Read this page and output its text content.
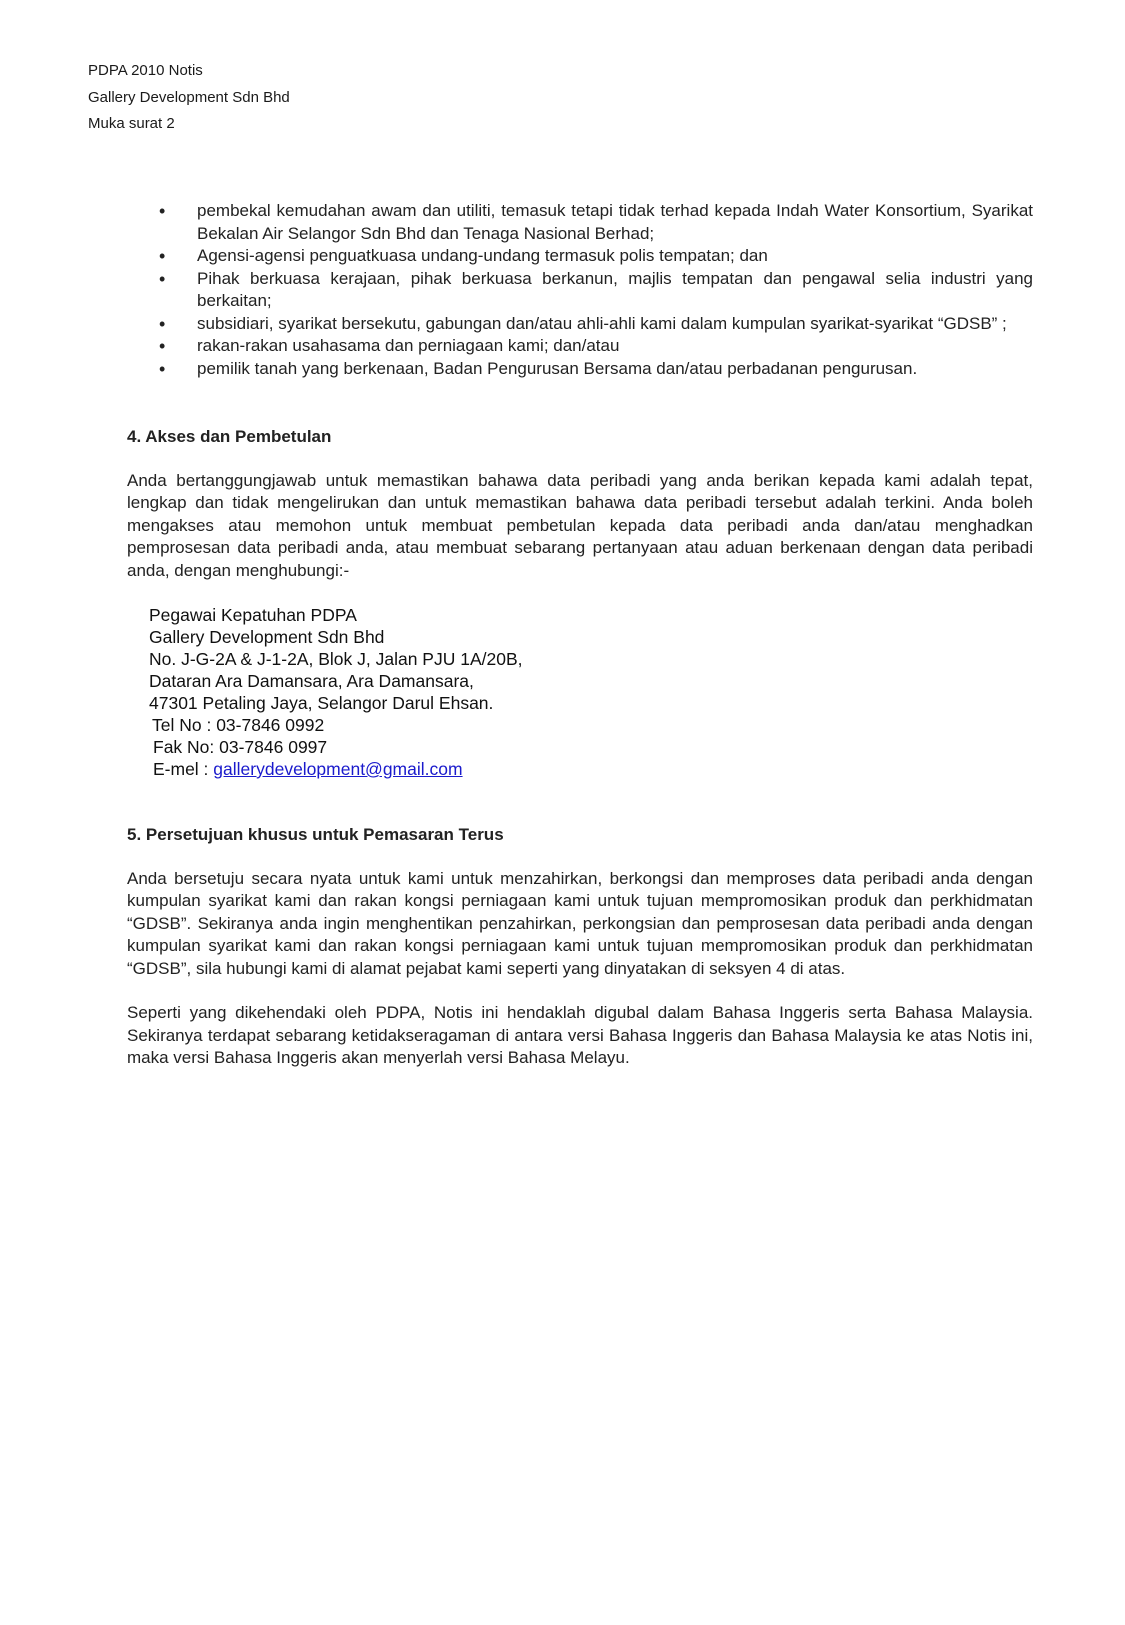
PDPA 2010 Notis
Gallery Development Sdn Bhd
Muka surat 2
• pembekal kemudahan awam dan utiliti, temasuk tetapi tidak terhad kepada Indah Water Konsortium, Syarikat Bekalan Air Selangor Sdn Bhd dan Tenaga Nasional Berhad;
• Agensi-agensi penguatkuasa undang-undang termasuk polis tempatan; dan
• Pihak berkuasa kerajaan, pihak berkuasa berkanun, majlis tempatan dan pengawal selia industri yang berkaitan;
• subsidiari, syarikat bersekutu, gabungan dan/atau ahli-ahli kami dalam kumpulan syarikat-syarikat “GDSB” ;
• rakan-rakan usahasama dan perniagaan kami; dan/atau
• pemilik tanah yang berkenaan, Badan Pengurusan Bersama dan/atau perbadanan pengurusan.
4. Akses dan Pembetulan

Anda bertanggungjawab untuk memastikan bahawa data peribadi yang anda berikan kepada kami adalah tepat, lengkap dan tidak mengelirukan dan untuk memastikan bahawa data peribadi tersebut adalah terkini. Anda boleh mengakses atau memohon untuk membuat pembetulan kepada data peribadi anda dan/atau menghadkan pemprosesan data peribadi anda, atau membuat sebarang pertanyaan atau aduan berkenaan dengan data peribadi anda, dengan menghubungi:-

Pegawai Kepatuhan PDPA
Gallery Development Sdn Bhd
No. J-G-2A & J-1-2A, Blok J, Jalan PJU 1A/20B,
Dataran Ara Damansara, Ara Damansara,
47301 Petaling Jaya, Selangor Darul Ehsan.
Tel No : 03-7846 0992
Fak No: 03-7846 0997
E-mel : gallerydevelopment@gmail.com
5. Persetujuan khusus untuk Pemasaran Terus

Anda bersetuju secara nyata untuk kami untuk menzahirkan, berkongsi dan memproses data peribadi anda dengan kumpulan syarikat kami dan rakan kongsi perniagaan kami untuk tujuan mempromosikan produk dan perkhidmatan “GDSB”. Sekiranya anda ingin menghentikan penzahirkan, perkongsian dan pemprosesan data peribadi anda dengan kumpulan syarikat kami dan rakan kongsi perniagaan kami untuk tujuan mempromosikan produk dan perkhidmatan “GDSB”, sila hubungi kami di alamat pejabat kami seperti yang dinyatakan di seksyen 4 di atas.

Seperti yang dikehendaki oleh PDPA, Notis ini hendaklah digubal dalam Bahasa Inggeris serta Bahasa Malaysia. Sekiranya terdapat sebarang ketidakseragaman di antara versi Bahasa Inggeris dan Bahasa Malaysia ke atas Notis ini, maka versi Bahasa Inggeris akan menyerlah versi Bahasa Melayu.
